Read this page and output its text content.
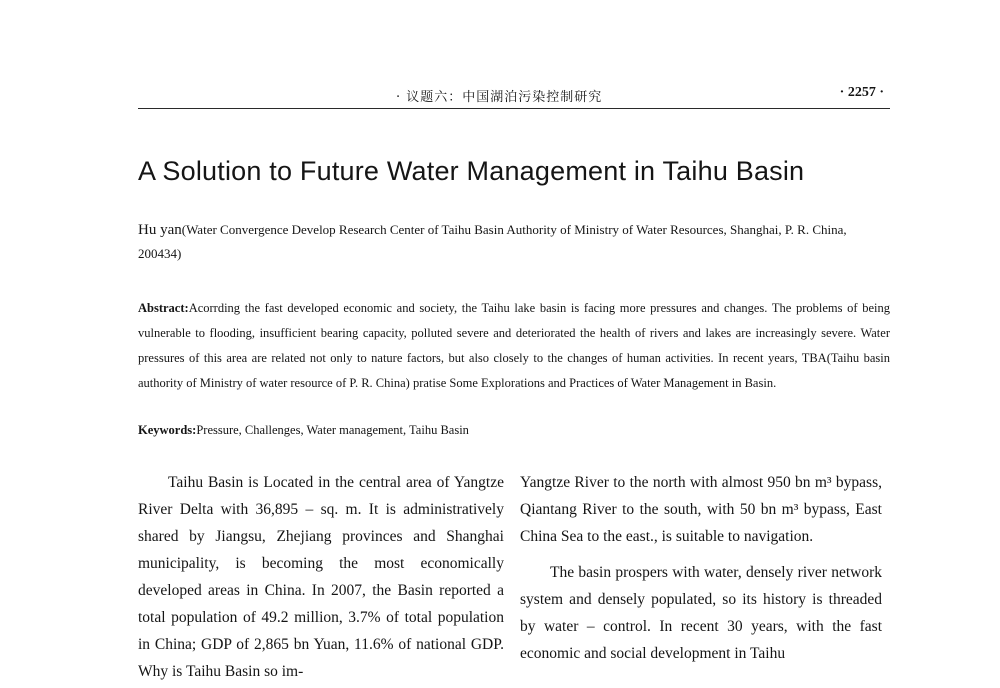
· 议题六：中国湖泊污染控制研究	· 2257 ·
A Solution to Future Water Management in Taihu Basin

Hu yan(Water Convergence Develop Research Center of Taihu Basin Authority of Ministry of Water Resources, Shanghai, P. R. China, 200434)

Abstract:Acorrding the fast developed economic and society, the Taihu lake basin is facing more pressures and changes. The problems of being vulnerable to flooding, insufficient bearing capacity, polluted severe and deteriorated the health of rivers and lakes are increasingly severe. Water pressures of this area are related not only to nature factors, but also closely to the changes of human activities. In recent years, TBA(Taihu basin authority of Ministry of water resource of P. R. China) pratise Some Explorations and Practices of Water Management in Basin.

Keywords:Pressure, Challenges, Water management, Taihu Basin

Taihu Basin is Located in the central area of Yangtze River Delta with 36,895 – sq. m. It is administratively shared by Jiangsu, Zhejiang provinces and Shanghai municipality, is becoming the most economically developed areas in China. In 2007, the Basin reported a total population of 49.2 million, 3.7% of total population in China; GDP of 2,865 bn Yuan, 11.6% of national GDP. Why is Taihu Basin so im-

Yangtze River to the north with almost 950 bn m³ bypass, Qiantang River to the south, with 50 bn m³ bypass, East China Sea to the east., is suitable to navigation.

The basin prospers with water, densely river network system and densely populated, so its history is threaded by water – control. In recent 30 years, with the fast economic and social development in Taihu
